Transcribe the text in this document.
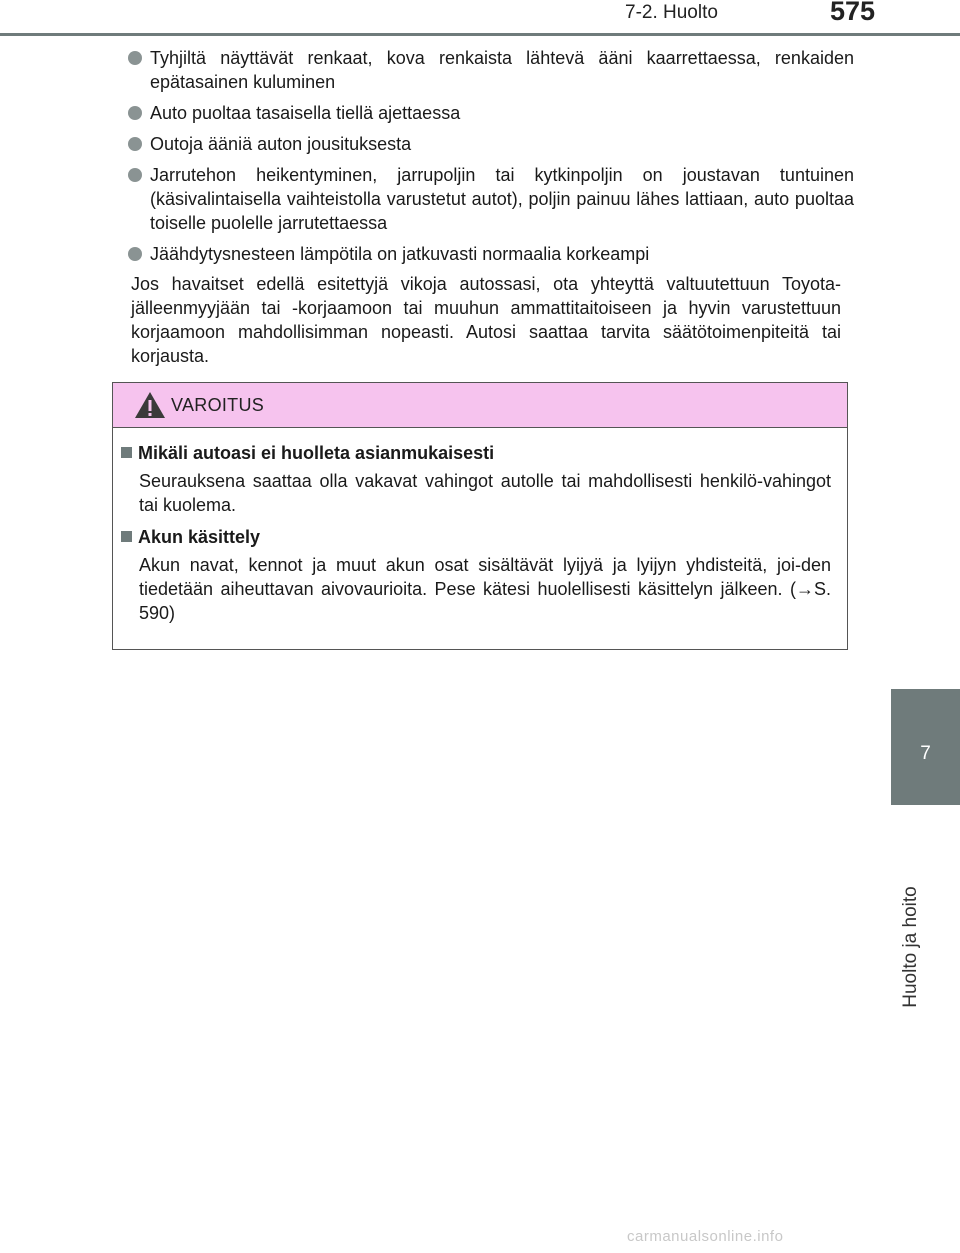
7-2. Huolto	575
7
Huolto ja hoito
Tyhjiltä näyttävät renkaat, kova renkaista lähtevä ääni kaarrettaessa, renkaiden epätasainen kuluminen
Auto puoltaa tasaisella tiellä ajettaessa
Outoja ääniä auton jousituksesta
Jarrutehon heikentyminen, jarrupoljin tai kytkinpoljin on joustavan tuntuinen (käsivalintaisella vaihteistolla varustetut autot), poljin painuu lähes lattiaan, auto puoltaa toiselle puolelle jarrutettaessa
Jäähdytysnesteen lämpötila on jatkuvasti normaalia korkeampi

Jos havaitset edellä esitettyjä vikoja autossasi, ota yhteyttä valtuutettuun Toyota-jälleenmyyjään tai -korjaamoon tai muuhun ammattitaitoiseen ja hyvin varustettuun korjaamoon mahdollisimman nopeasti. Autosi saattaa tarvita säätötoimenpiteitä tai korjausta.

VAROITUS
Mikäli autoasi ei huolleta asianmukaisesti

Seurauksena saattaa olla vakavat vahingot autolle tai mahdollisesti henkilö-vahingot tai kuolema.

Akun käsittely

Akun navat, kennot ja muut akun osat sisältävät lyijyä ja lyijyn yhdisteitä, joi-den tiedetään aiheuttavan aivovaurioita. Pese kätesi huolellisesti käsittelyn jälkeen. (→S. 590)

carmanualsonline.info
